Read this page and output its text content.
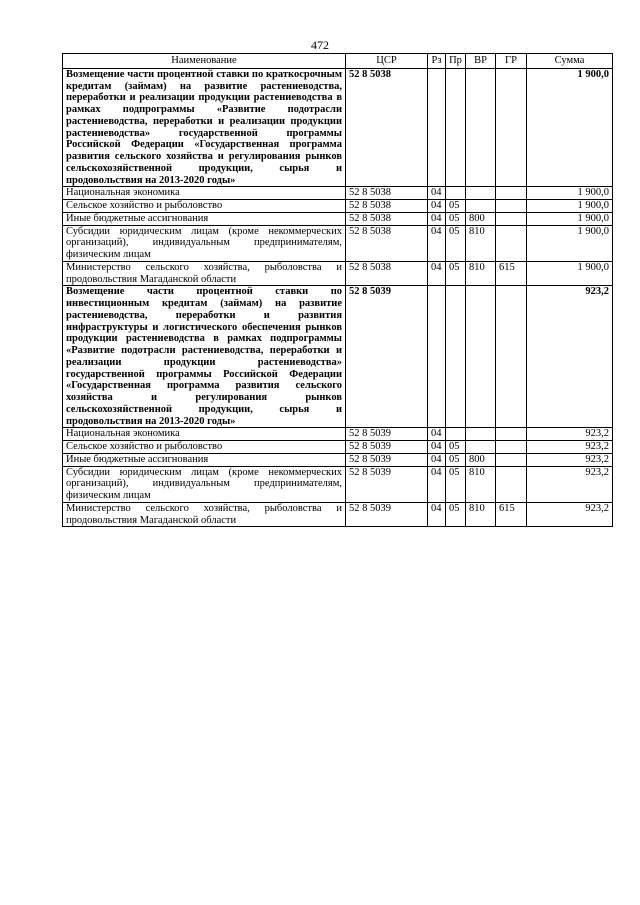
472
Наименование	ЦСР	Рз	Пр	ВР	ГР	Сумма
Возмещение части процентной ставки по краткосрочным кредитам (займам) на развитие растениеводства, переработки и реализации продукции растениеводства в рамках подпрограммы «Развитие подотрасли растениеводства, переработки и реализации продукции растениеводства» государственной программы Российской Федерации «Государственная программа развития сельского хозяйства и регулирования рынков сельскохозяйственной продукции, сырья и продовольствия на 2013-2020 годы»	52 8 5038					1 900,0
Национальная экономика	52 8 5038	04				1 900,0
Сельское хозяйство и рыболовство	52 8 5038	04	05			1 900,0
Иные бюджетные ассигнования	52 8 5038	04	05	800		1 900,0
Субсидии юридическим лицам (кроме некоммерческих организаций), индивидуальным предпринимателям, физическим лицам	52 8 5038	04	05	810		1 900,0
Министерство сельского хозяйства, рыболовства и продовольствия Магаданской области	52 8 5038	04	05	810	615	1 900,0
Возмещение части процентной ставки по инвестиционным кредитам (займам) на развитие растениеводства, переработки и развития инфраструктуры и логистического обеспечения рынков продукции растениеводства в рамках подпрограммы «Развитие подотрасли растениеводства, переработки и реализации продукции растениеводства» государственной программы Российской Федерации «Государственная программа развития сельского хозяйства и регулирования рынков сельскохозяйственной продукции, сырья и продовольствия на 2013-2020 годы»	52 8 5039					923,2
Национальная экономика	52 8 5039	04				923,2
Сельское хозяйство и рыболовство	52 8 5039	04	05			923,2
Иные бюджетные ассигнования	52 8 5039	04	05	800		923,2
Субсидии юридическим лицам (кроме некоммерческих организаций), индивидуальным предпринимателям, физическим лицам	52 8 5039	04	05	810		923,2
Министерство сельского хозяйства, рыболовства и продовольствия Магаданской области	52 8 5039	04	05	810	615	923,2
